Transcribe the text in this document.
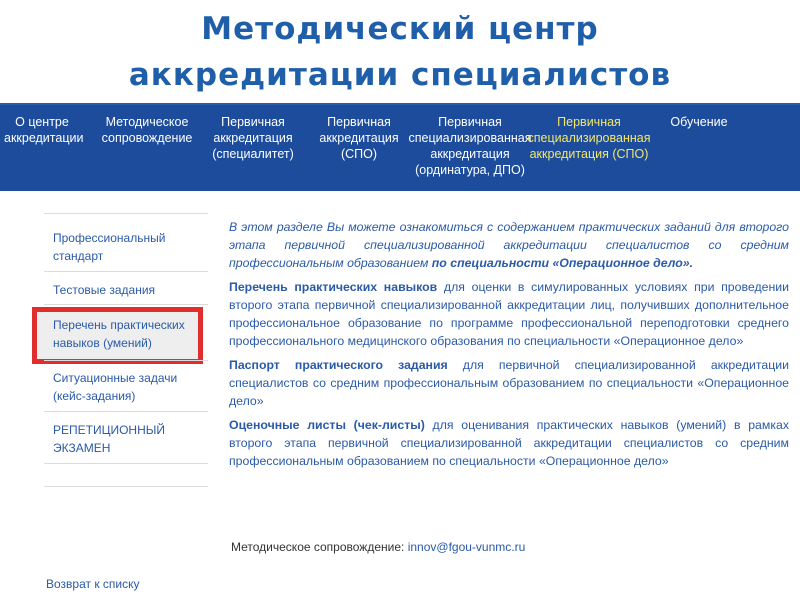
Методический центр
аккредитации специалистов
О центре
аккредитации
Методическое
сопровождение
Первичная
аккредитация
(специалитет)
Первичная
аккредитация
(СПО)
Первичная
специализированная
аккредитация
(ординатура, ДПО)
Первичная
специализированная
аккредитация (СПО)
Обучение
Профессиональный
стандарт
Тестовые задания
Ситуационные задачи
(кейс-задания)
РЕПЕТИЦИОННЫЙ
ЭКЗАМЕН
Возврат к списку

В этом разделе Вы можете ознакомиться с содержанием практических заданий для второго этапа первичной специализированной аккредитации специалистов со средним профессиональным образованием по специальности «Операционное дело».

Перечень практических навыков для оценки в симулированных условиях при проведении второго этапа первичной специализированной аккредитации лиц, получивших дополнительное профессиональное образование по программе профессиональной переподготовки среднего профессионального медицинского образования по специальности «Операционное дело»

Паспорт практического задания для первичной специализированной аккредитации специалистов со средним профессиональным образованием по специальности «Операционное дело»

Оценочные листы (чек-листы) для оценивания практических навыков (умений) в рамках второго этапа первичной специализированной аккредитации специалистов со средним профессиональным образованием по специальности «Операционное дело»

Методическое сопровождение: innov@fgou-vunmc.ru
